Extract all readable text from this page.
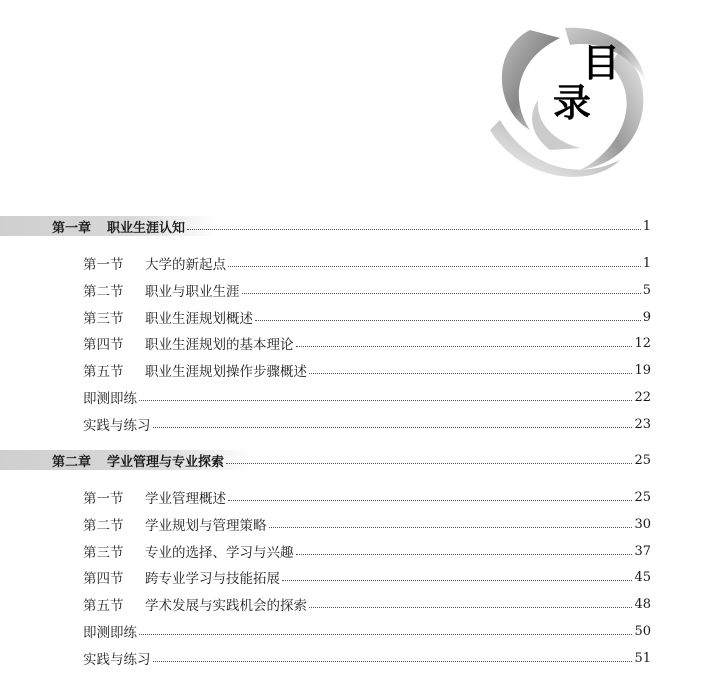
目
录
第一章 职业生涯认知	1
第一节 大学的新起点	1
第二节 职业与职业生涯	5
第三节 职业生涯规划概述	9
第四节 职业生涯规划的基本理论	12
第五节 职业生涯规划操作步骤概述	19
即测即练	22
实践与练习	23
第二章 学业管理与专业探索	25
第一节 学业管理概述	25
第二节 学业规划与管理策略	30
第三节 专业的选择、学习与兴趣	37
第四节 跨专业学习与技能拓展	45
第五节 学术发展与实践机会的探索	48
即测即练	50
实践与练习	51
